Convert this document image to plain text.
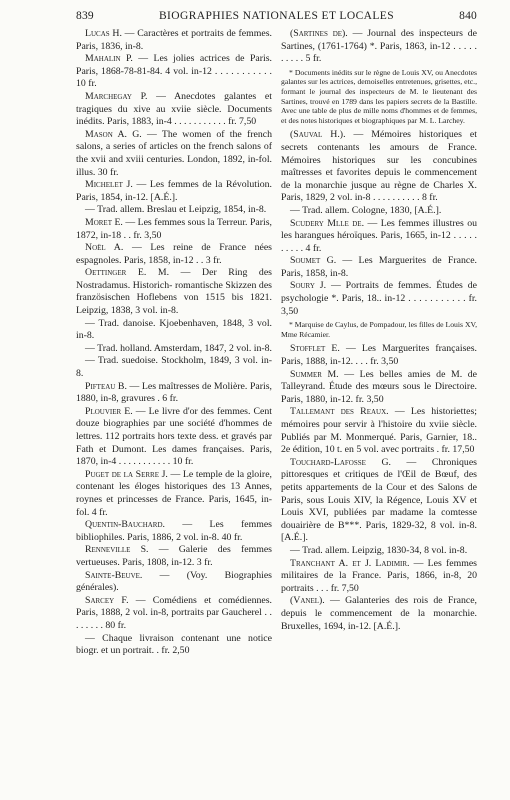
839	BIOGRAPHIES NATIONALES ET LOCALES	840

Lucas H. — Caractères et portraits de femmes. Paris, 1836, in-8.

Mahalin P. — Les jolies actrices de Paris. Paris, 1868-78-81-84. 4 vol. in-12 . . . . . . . . . . . 10 fr.

Marchegay P. — Anecdotes galantes et tragiques du xive au xviie siècle. Documents inédits. Paris, 1883, in-4 . . . . . . . . . . . fr. 7,50

Mason A. G. — The women of the french salons, a series of articles on the french salons of the xvii and xviii centuries. London, 1892, in-fol. illus. 30 fr.

Michelet J. — Les femmes de la Révolution. Paris, 1854, in-12. [A.É.].

— Trad. allem. Breslau et Leipzig, 1854, in-8.

Moret E. — Les femmes sous la Terreur. Paris, 1872, in-18 . . fr. 3,50

Noël A. — Les reine de France nées espagnoles. Paris, 1858, in-12 . . 3 fr.

Oettinger E. M. — Der Ring des Nostradamus. Historich- romantische Skizzen des französischen Hoflebens von 1515 bis 1821. Leipzig, 1838, 3 vol. in-8.

— Trad. danoise. Kjoebenhaven, 1848, 3 vol. in-8.

— Trad. holland. Amsterdam, 1847, 2 vol. in-8.

— Trad. suedoise. Stockholm, 1849, 3 vol. in-8.

Pifteau B. — Les maîtresses de Molière. Paris, 1880, in-8, gravures . 6 fr.

Plouvier E. — Le livre d'or des femmes. Cent douze biographies par une société d'hommes de lettres. 112 portraits hors texte dess. et gravés par Fath et Dumont. Les dames françaises. Paris, 1870, in-4 . . . . . . . . . . . 10 fr.

Puget de la Serre J. — Le temple de la gloire, contenant les éloges historiques des 13 Annes, roynes et princesses de France. Paris, 1645, in-fol. 4 fr.

Quentin-Bauchard. — Les femmes bibliophiles. Paris, 1886, 2 vol. in-8. 40 fr.

Renneville S. — Galerie des femmes vertueuses. Paris, 1808, in-12. 3 fr.

Sainte-Beuve. — (Voy. Biographies générales).

Sarcey F. — Comédiens et comédiennes. Paris, 1888, 2 vol. in-8, portraits par Gaucherel . . . . . . . . 80 fr.

— Chaque livraison contenant une notice biogr. et un portrait. . fr. 2,50

(Sartines de). — Journal des inspecteurs de Sartines, (1761-1764) *. Paris, 1863, in-12 . . . . . . . . . . 5 fr.

* Documents inédits sur le règne de Louis XV, ou Anecdotes galantes sur les actrices, demoiselles entretenues, grisettes, etc., formant le journal des inspecteurs de M. le lieutenant des Sartines, trouvé en 1789 dans les papiers secrets de la Bastille. Avec une table de plus de mille noms d'hommes et de femmes, et des notes historiques et biographiques par M. L. Larchey.

(Sauval H.). — Mémoires historiques et secrets contenants les amours de France. Mémoires historiques sur les concubines maîtresses et favorites depuis le commencement de la monarchie jusque au règne de Charles X. Paris, 1829, 2 vol. in-8 . . . . . . . . . . 8 fr.

— Trad. allem. Cologne, 1830, [A.É.].

Scudery Mlle de. — Les femmes illustres ou les harangues héroïques. Paris, 1665, in-12 . . . . . . . . . . 4 fr.

Soumet G. — Les Marguerites de France. Paris, 1858, in-8.

Soury J. — Portraits de femmes. Études de psychologie *. Paris, 18.. in-12 . . . . . . . . . . . fr. 3,50

* Marquise de Caylus, de Pompadour, les filles de Louis XV, Mme Récamier.

Stofflet E. — Les Marguerites françaises. Paris, 1888, in-12. . . . fr. 3,50

Summer M. — Les belles amies de M. de Talleyrand. Étude des mœurs sous le Directoire. Paris, 1880, in-12. fr. 3,50

Tallemant des Reaux. — Les historiettes; mémoires pour servir à l'histoire du xviie siècle. Publiés par M. Monmerqué. Paris, Garnier, 18.. 2e édition, 10 t. en 5 vol. avec portraits . fr. 17,50

Touchard-Lafosse G. — Chroniques pittoresques et critiques de l'Œil de Bœuf, des petits appartements de la Cour et des Salons de Paris, sous Louis XIV, la Régence, Louis XV et Louis XVI, publiées par madame la comtesse douairière de B***. Paris, 1829-32, 8 vol. in-8. [A.É.].

— Trad. allem. Leipzig, 1830-34, 8 vol. in-8.

Tranchant A. et J. Ladimir. — Les femmes militaires de la France. Paris, 1866, in-8, 20 portraits . . . fr. 7,50

(Vanel). — Galanteries des rois de France, depuis le commencement de la monarchie. Bruxelles, 1694, in-12. [A.É.].
